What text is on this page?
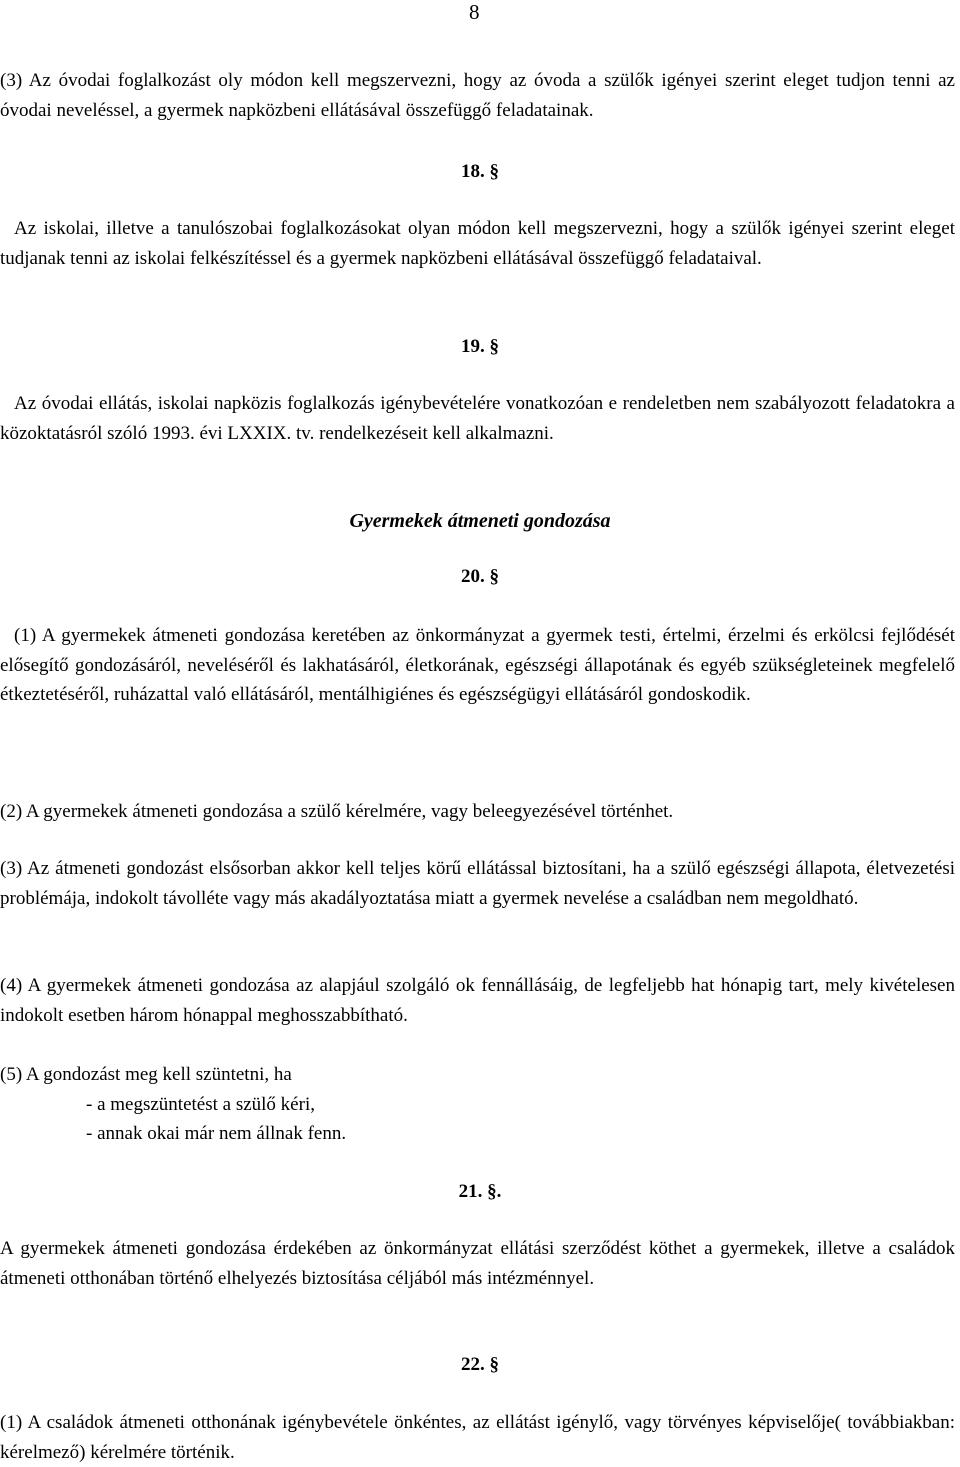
8

(3) Az óvodai foglalkozást oly módon kell megszervezni, hogy az óvoda a szülők igényei szerint eleget tudjon tenni az óvodai neveléssel, a gyermek napközbeni ellátásával összefüggő feladatainak.

18. §

Az iskolai, illetve a tanulószobai foglalkozásokat olyan módon kell megszervezni, hogy a szülők igényei szerint eleget tudjanak tenni az iskolai felkészítéssel és a gyermek napközbeni ellátásával összefüggő feladataival.

19. §

Az óvodai ellátás, iskolai napközis foglalkozás igénybevételére vonatkozóan e rendeletben nem szabályozott feladatokra a közoktatásról szóló 1993. évi LXXIX. tv. rendelkezéseit kell alkalmazni.

Gyermekek átmeneti gondozása
20. §

(1) A gyermekek átmeneti gondozása keretében az önkormányzat a gyermek testi, értelmi, érzelmi és erkölcsi fejlődését elősegítő gondozásáról, neveléséről és lakhatásáról, életkorának, egészségi állapotának és egyéb szükségleteinek megfelelő étkeztetéséről, ruházattal való ellátásáról, mentálhigiénes és egészségügyi ellátásáról gondoskodik.

(2) A gyermekek átmeneti gondozása a szülő kérelmére, vagy beleegyezésével történhet.

(3) Az átmeneti gondozást elsősorban akkor kell teljes körű ellátással biztosítani, ha a szülő egészségi állapota, életvezetési problémája, indokolt távolléte vagy más akadályoztatása miatt a gyermek nevelése a családban nem megoldható.

(4) A gyermekek átmeneti gondozása az alapjául szolgáló ok fennállásáig, de legfeljebb hat hónapig tart, mely kivételesen indokolt esetben három hónappal meghosszabbítható.

(5) A gondozást meg kell szüntetni, ha

- a megszüntetést a szülő kéri,

- annak okai már nem állnak fenn.

21. §.

A gyermekek átmeneti gondozása érdekében az önkormányzat ellátási szerződést köthet a gyermekek, illetve a családok átmeneti otthonában történő elhelyezés biztosítása céljából más intézménnyel.

22. §

(1) A családok átmeneti otthonának igénybevétele önkéntes, az ellátást igénylő, vagy törvényes képviselője( továbbiakban: kérelmező) kérelmére történik.
